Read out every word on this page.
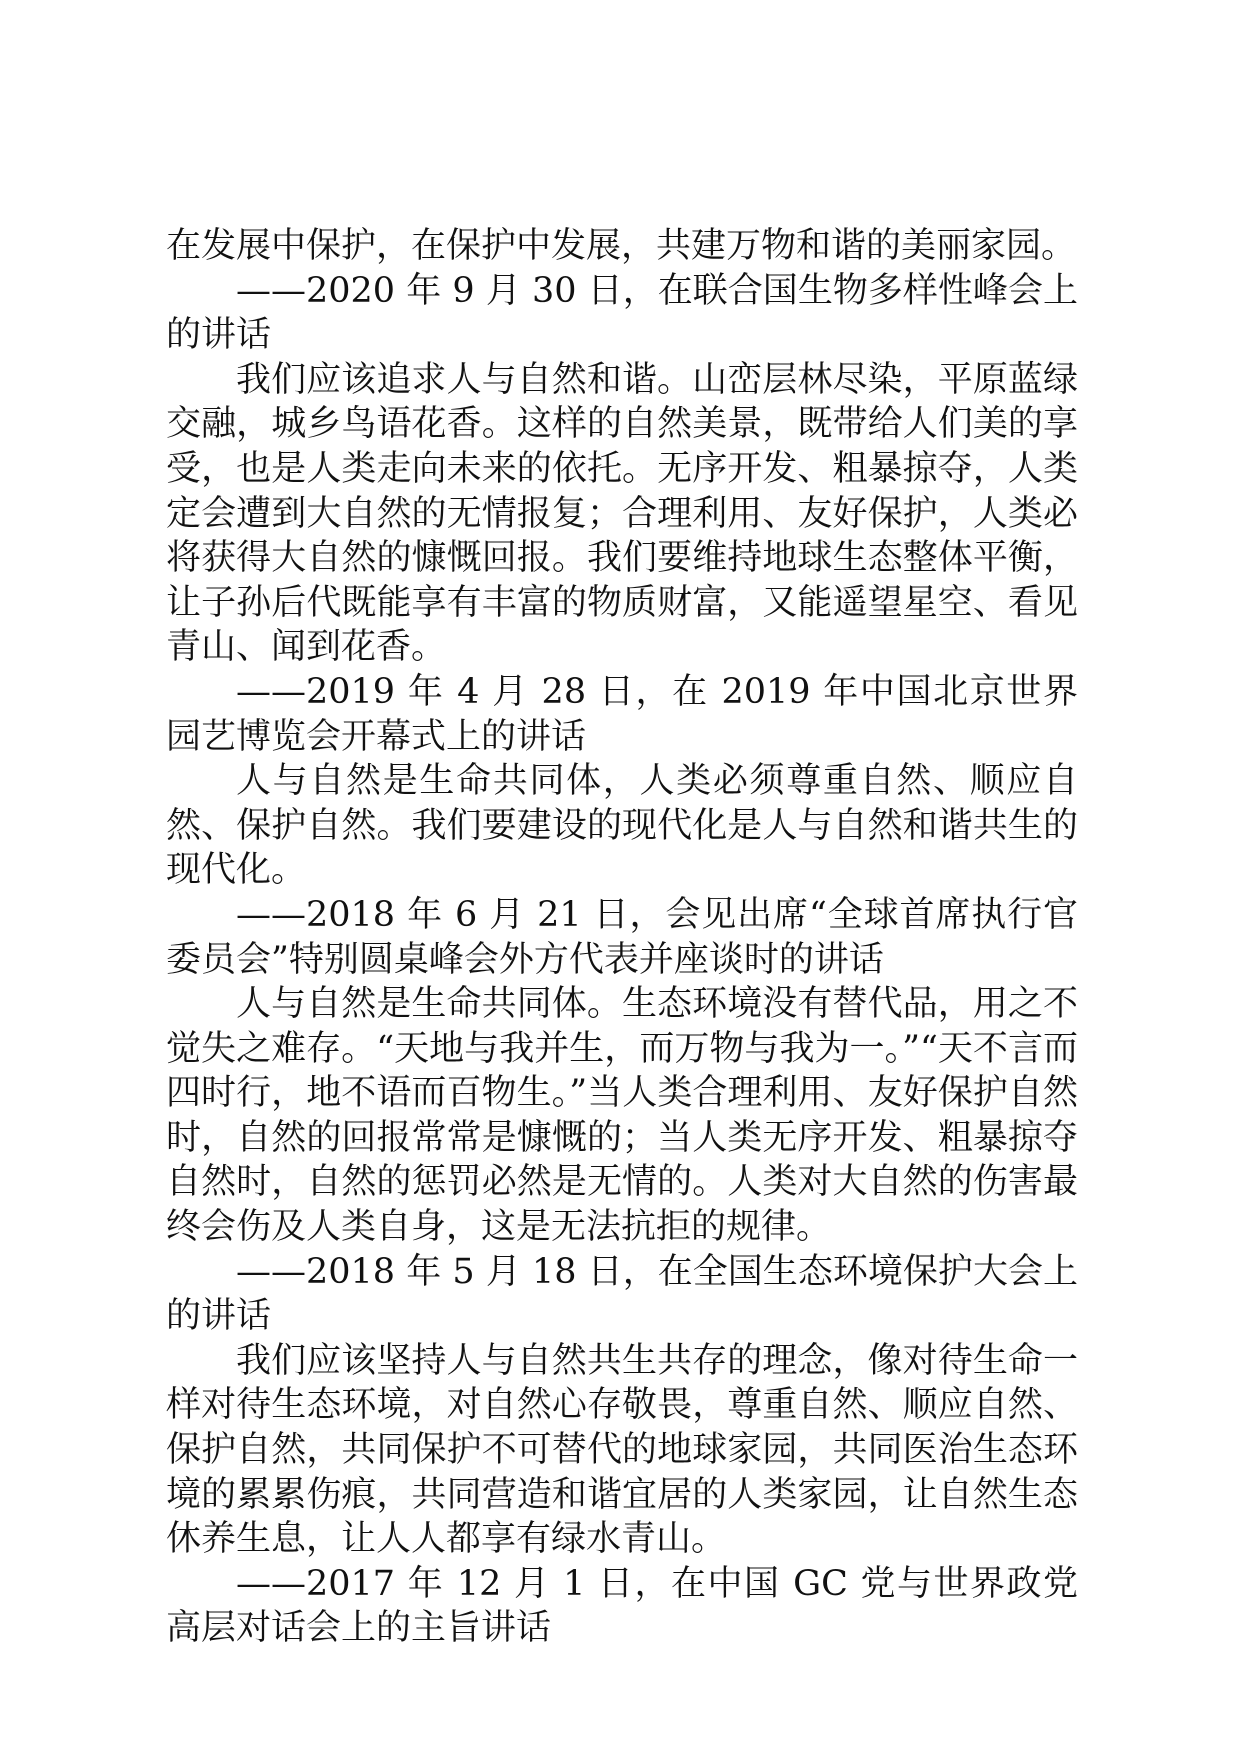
在发展中保护，在保护中发展，共建万物和谐的美丽家园。

——2020 年 9 月 30 日，在联合国生物多样性峰会上的讲话

我们应该追求人与自然和谐。山峦层林尽染，平原蓝绿交融，城乡鸟语花香。这样的自然美景，既带给人们美的享受，也是人类走向未来的依托。无序开发、粗暴掠夺，人类定会遭到大自然的无情报复；合理利用、友好保护，人类必将获得大自然的慷慨回报。我们要维持地球生态整体平衡，让子孙后代既能享有丰富的物质财富，又能遥望星空、看见青山、闻到花香。

——2019 年 4 月 28 日，在 2019 年中国北京世界园艺博览会开幕式上的讲话

人与自然是生命共同体，人类必须尊重自然、顺应自然、保护自然。我们要建设的现代化是人与自然和谐共生的现代化。

——2018 年 6 月 21 日，会见出席“全球首席执行官委员会”特别圆桌峰会外方代表并座谈时的讲话

人与自然是生命共同体。生态环境没有替代品，用之不觉失之难存。“天地与我并生，而万物与我为一。”“天不言而四时行，地不语而百物生。”当人类合理利用、友好保护自然时，自然的回报常常是慷慨的；当人类无序开发、粗暴掠夺自然时，自然的惩罚必然是无情的。人类对大自然的伤害最终会伤及人类自身，这是无法抗拒的规律。

——2018 年 5 月 18 日，在全国生态环境保护大会上的讲话

我们应该坚持人与自然共生共存的理念，像对待生命一样对待生态环境，对自然心存敬畏，尊重自然、顺应自然、保护自然，共同保护不可替代的地球家园，共同医治生态环境的累累伤痕，共同营造和谐宜居的人类家园，让自然生态休养生息，让人人都享有绿水青山。

——2017 年 12 月 1 日，在中国 GC 党与世界政党高层对话会上的主旨讲话
